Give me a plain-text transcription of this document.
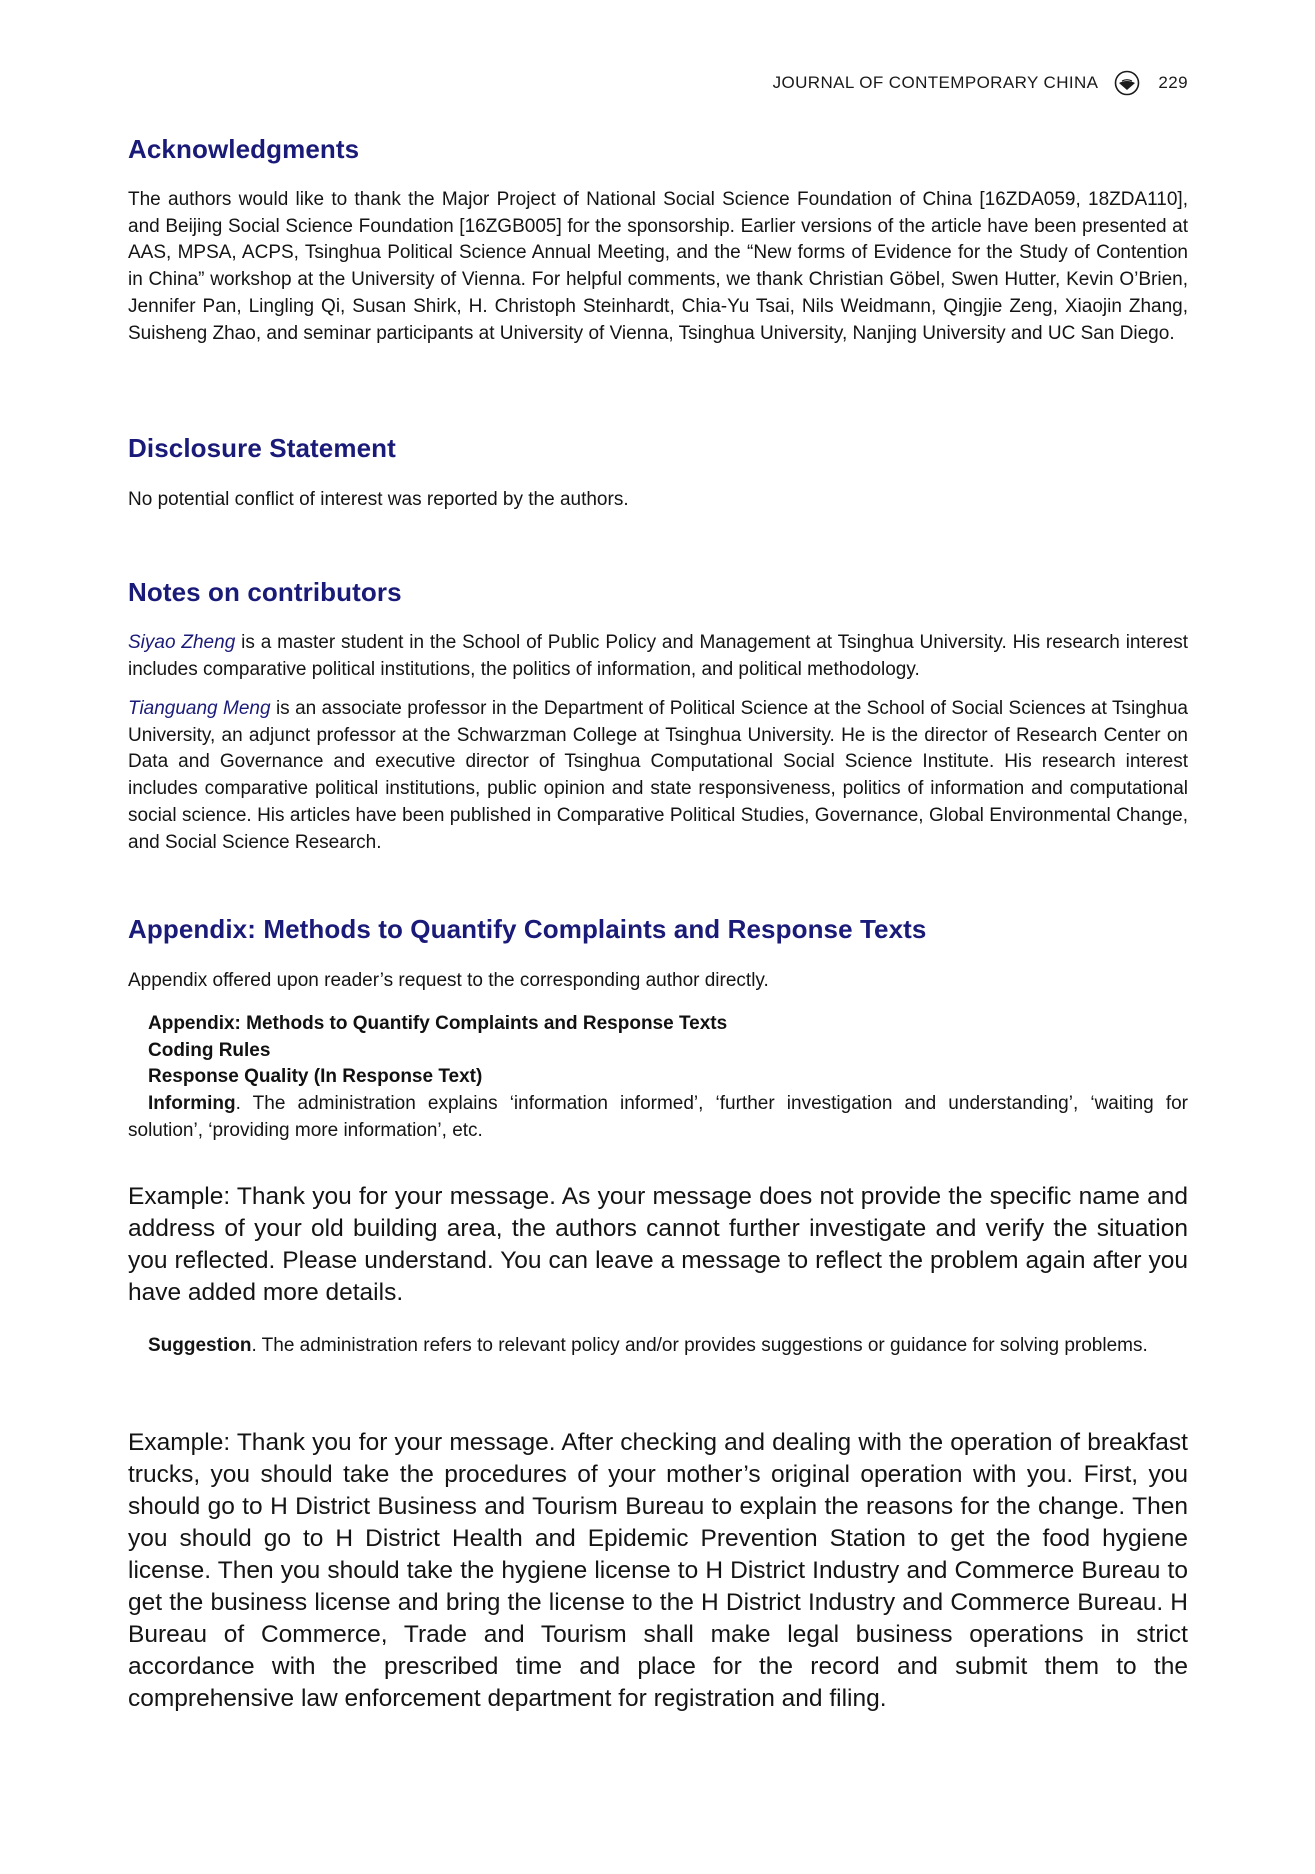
JOURNAL OF CONTEMPORARY CHINA	229
Acknowledgments

The authors would like to thank the Major Project of National Social Science Foundation of China [16ZDA059, 18ZDA110], and Beijing Social Science Foundation [16ZGB005] for the sponsorship. Earlier versions of the article have been presented at AAS, MPSA, ACPS, Tsinghua Political Science Annual Meeting, and the “New forms of Evidence for the Study of Contention in China” workshop at the University of Vienna. For helpful comments, we thank Christian Göbel, Swen Hutter, Kevin O’Brien, Jennifer Pan, Lingling Qi, Susan Shirk, H. Christoph Steinhardt, Chia-Yu Tsai, Nils Weidmann, Qingjie Zeng, Xiaojin Zhang, Suisheng Zhao, and seminar participants at University of Vienna, Tsinghua University, Nanjing University and UC San Diego.

Disclosure Statement

No potential conflict of interest was reported by the authors.

Notes on contributors

Siyao Zheng is a master student in the School of Public Policy and Management at Tsinghua University. His research interest includes comparative political institutions, the politics of information, and political methodology.

Tianguang Meng is an associate professor in the Department of Political Science at the School of Social Sciences at Tsinghua University, an adjunct professor at the Schwarzman College at Tsinghua University. He is the director of Research Center on Data and Governance and executive director of Tsinghua Computational Social Science Institute. His research interest includes comparative political institutions, public opinion and state responsiveness, politics of information and computational social science. His articles have been published in Comparative Political Studies, Governance, Global Environmental Change, and Social Science Research.

Appendix: Methods to Quantify Complaints and Response Texts

Appendix offered upon reader’s request to the corresponding author directly.

Appendix: Methods to Quantify Complaints and Response Texts
Coding Rules
Response Quality (In Response Text)
Informing. The administration explains ‘information informed’, ‘further investigation and understanding’, ‘waiting for solution’, ‘providing more information’, etc.

Example: Thank you for your message. As your message does not provide the specific name and address of your old building area, the authors cannot further investigate and verify the situation you reflected. Please understand. You can leave a message to reflect the problem again after you have added more details.

Suggestion. The administration refers to relevant policy and/or provides suggestions or guidance for solving problems.

Example: Thank you for your message. After checking and dealing with the operation of breakfast trucks, you should take the procedures of your mother’s original operation with you. First, you should go to H District Business and Tourism Bureau to explain the reasons for the change. Then you should go to H District Health and Epidemic Prevention Station to get the food hygiene license. Then you should take the hygiene license to H District Industry and Commerce Bureau to get the business license and bring the license to the H District Industry and Commerce Bureau. H Bureau of Commerce, Trade and Tourism shall make legal business operations in strict accordance with the prescribed time and place for the record and submit them to the comprehensive law enforcement department for registration and filing.
